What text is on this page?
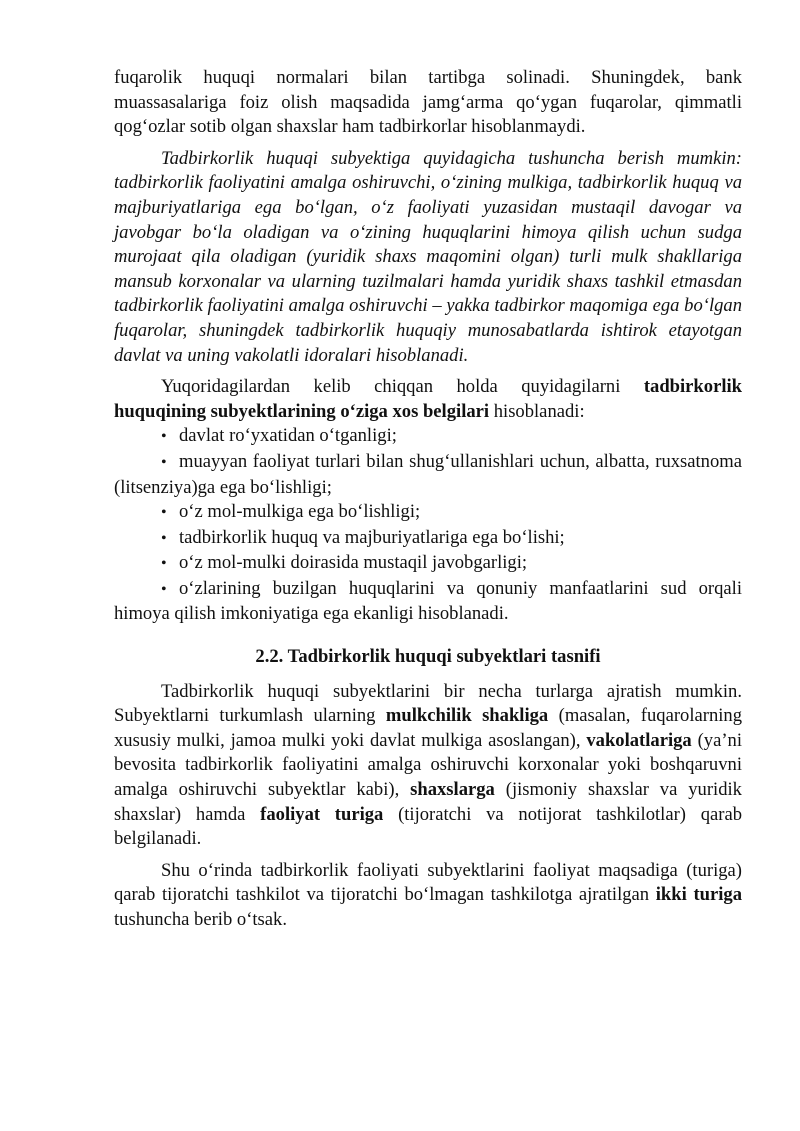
fuqarolik huquqi normalari bilan tartibga solinadi. Shuningdek, bank muassasalariga foiz olish maqsadida jamg‘arma qo‘ygan fuqarolar, qimmatli qog‘ozlar sotib olgan shaxslar ham tadbirkorlar hisoblanmaydi.

Tadbirkorlik huquqi subyektiga quyidagicha tushuncha berish mumkin: tadbirkorlik faoliyatini amalga oshiruvchi, o‘zining mulkiga, tadbirkorlik huquq va majburiyatlariga ega bo‘lgan, o‘z faoliyati yuzasidan mustaqil davogar va javobgar bo‘la oladigan va o‘zining huquqlarini himoya qilish uchun sudga murojaat qila oladigan (yuridik shaxs maqomini olgan) turli mulk shakllariga mansub korxonalar va ularning tuzilmalari hamda yuridik shaxs tashkil etmasdan tadbirkorlik faoliyatini amalga oshiruvchi – yakka tadbirkor maqomiga ega bo‘lgan fuqarolar, shuningdek tadbirkorlik huquqiy munosabatlarda ishtirok etayotgan davlat va uning vakolatli idoralari hisoblanadi.

Yuqoridagilardan kelib chiqqan holda quyidagilarni tadbirkorlik huquqining subyektlarining o‘ziga xos belgilari hisoblanadi:

• davlat ro‘yxatidan o‘tganligi;

• muayyan faoliyat turlari bilan shug‘ullanishlari uchun, albatta, ruxsatnoma (litsenziya)ga ega bo‘lishligi;

• o‘z mol-mulkiga ega bo‘lishligi;

• tadbirkorlik huquq va majburiyatlariga ega bo‘lishi;

• o‘z mol-mulki doirasida mustaqil javobgarligi;

• o‘zlarining buzilgan huquqlarini va qonuniy manfaatlarini sud orqali himoya qilish imkoniyatiga ega ekanligi hisoblanadi.

2.2. Tadbirkorlik huquqi subyektlari tasnifi

Tadbirkorlik huquqi subyektlarini bir necha turlarga ajratish mumkin. Subyektlarni turkumlash ularning mulkchilik shakliga (masalan, fuqarolarning xususiy mulki, jamoa mulki yoki davlat mulkiga asoslangan), vakolatlariga (ya’ni bevosita tadbirkorlik faoliyatini amalga oshiruvchi korxonalar yoki boshqaruvni amalga oshiruvchi subyektlar kabi), shaxslarga (jismoniy shaxslar va yuridik shaxslar) hamda faoliyat turiga (tijoratchi va notijorat tashkilotlar) qarab belgilanadi.

Shu o‘rinda tadbirkorlik faoliyati subyektlarini faoliyat maqsadiga (turiga) qarab tijoratchi tashkilot va tijoratchi bo‘lmagan tashkilotga ajratilgan ikki turiga tushuncha berib o‘tsak.
